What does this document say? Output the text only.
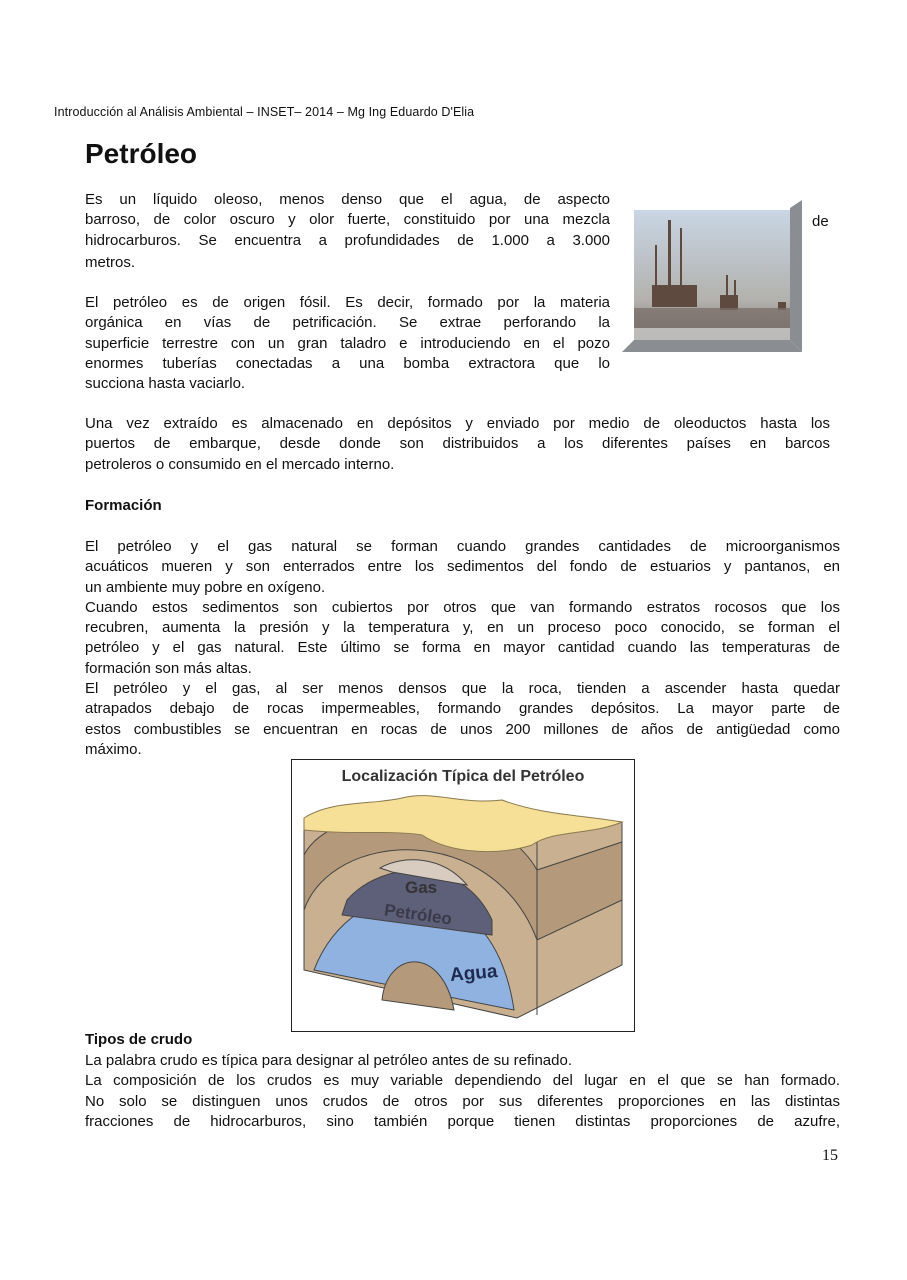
Introducción al Análisis Ambiental – INSET– 2014 – Mg Ing Eduardo D'Elia
Petróleo
Es un líquido oleoso, menos denso que el agua, de aspecto
barroso, de color oscuro y olor fuerte, constituido por una mezcla
hidrocarburos. Se encuentra a profundidades de 1.000 a 3.000
metros.
de
El petróleo es de origen fósil. Es decir, formado por la materia
orgánica en vías de petrificación. Se extrae perforando la
superficie terrestre con un gran taladro e introduciendo en el pozo
enormes tuberías conectadas a una bomba extractora que lo
succiona hasta vaciarlo.
Una vez extraído es almacenado en depósitos y enviado por medio de oleoductos hasta los
puertos de embarque, desde donde son distribuidos a los diferentes países en barcos
petroleros o consumido en el mercado interno.
Formación
El petróleo y el gas natural se forman cuando grandes cantidades de microorganismos
acuáticos mueren y son enterrados entre los sedimentos del fondo de estuarios y pantanos, en
un ambiente muy pobre en oxígeno.
Cuando estos sedimentos son cubiertos por otros que van formando estratos rocosos que los
recubren, aumenta la presión y la temperatura y, en un proceso poco conocido, se forman el
petróleo y el gas natural. Este último se forma en mayor cantidad cuando las temperaturas de
formación son más altas.
El petróleo y el gas, al ser menos densos que la roca, tienden a ascender hasta quedar
atrapados debajo de rocas impermeables, formando grandes depósitos. La mayor parte de
estos combustibles se encuentran en rocas de unos 200 millones de años de antigüedad como
máximo.
Localización Típica del Petróleo
Gas
Petróleo
Agua
Tipos de crudo
La palabra crudo es típica para designar al petróleo antes de su refinado.
La composición de los crudos es muy variable dependiendo del lugar en el que se han formado.
No solo se distinguen unos crudos de otros por sus diferentes proporciones en las distintas
fracciones de hidrocarburos, sino también porque tienen distintas proporciones de azufre,
15
